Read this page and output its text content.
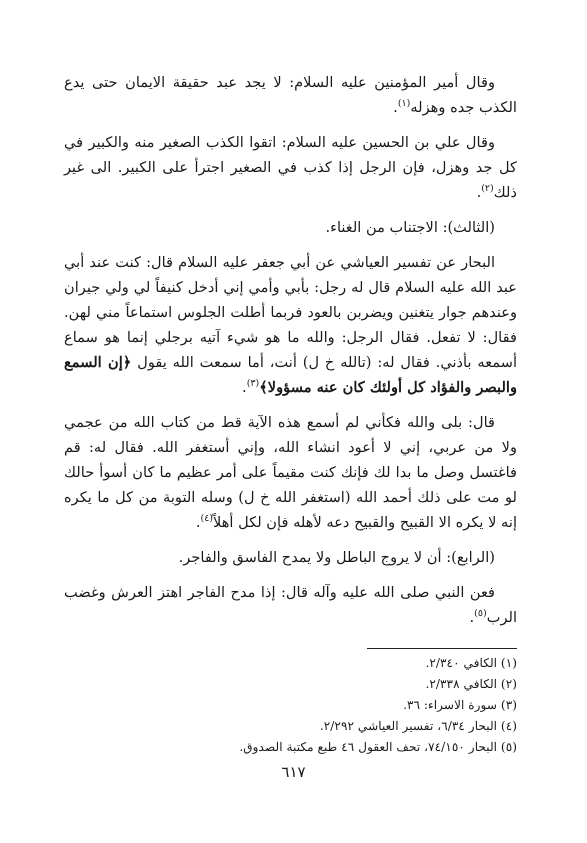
وقال أمير المؤمنين عليه السلام: لا يجد عبد حقيقة الايمان حتى يدع الكذب جده وهزله$^{(١)}$.

وقال علي بن الحسين عليه السلام: اتقوا الكذب الصغير منه والكبير في كل جد وهزل، فإن الرجل إذا كذب في الصغير اجترأ على الكبير. الى غير ذلك$^{(٢)}$.

(الثالث): الاجتناب من الغناء.

البحار عن تفسير العياشي عن أبي جعفر عليه السلام قال: كنت عند أبي عبد الله عليه السلام قال له رجل: بأبي وأمي إني أدخل كنيفاً لي ولي جيران وعندهم جوار يتغنين ويضربن بالعود فربما أطلت الجلوس استماعاً مني لهن. فقال: لا تفعل. فقال الرجل: والله ما هو شيء آتيه برجلي إنما هو سماع أسمعه بأذني. فقال له: (تالله خ ل) أنت، أما سمعت الله يقول ﴿إن السمع والبصر والفؤاد كل أولئك كان عنه مسؤولا﴾$^{(٣)}$.

قال: بلى والله فكأني لم أسمع هذه الآية قط من كتاب الله من عجمي ولا من عربي، إني لا أعود انشاء الله، وإني أستغفر الله. فقال له: قم فاغتسل وصل ما بدا لك فإنك كنت مقيماً على أمر عظيم ما كان أسوأ حالك لو مت على ذلك أحمد الله (استغفر الله خ ل) وسله التوبة من كل ما يكره إنه لا يكره الا القبيح والقبيح دعه لأهله فإن لكل أهلاً$^{(٤)}$.

(الرابع): أن لا يروج الباطل ولا يمدح الفاسق والفاجر.

فعن النبي صلى الله عليه وآله قال: إذا مدح الفاجر اهتز العرش وغضب الرب$^{(٥)}$.

(١) الكافي ٢/٣٤٠.
(٢) الكافي ٢/٣٣٨.
(٣) سورة الاسراء: ٣٦.
(٤) البحار ٦/٣٤، تفسير العياشي ٢/٢٩٢.
(٥) البحار ٧٤/١٥٠، تحف العقول ٤٦ طبع مكتبة الصدوق.
٦١٧
